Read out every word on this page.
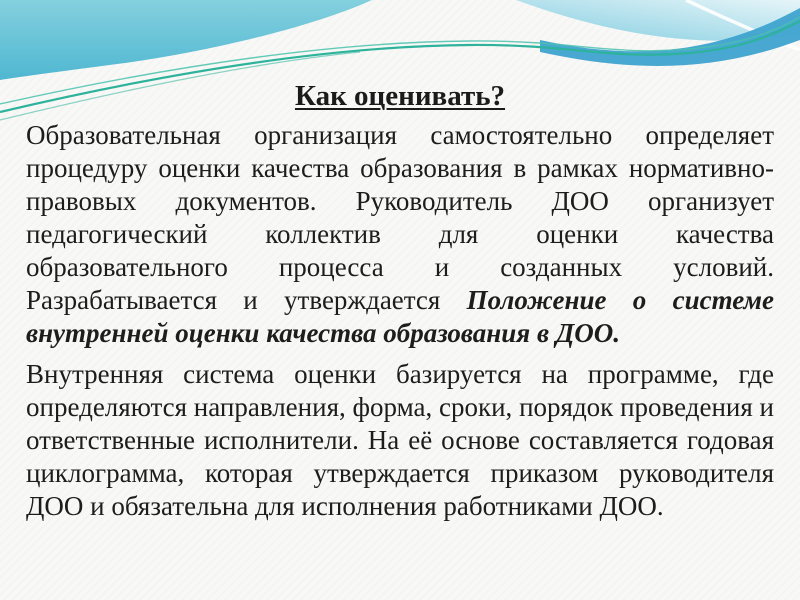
Как оценивать?

Образовательная организация самостоятельно определяет процедуру оценки качества образования в рамках нормативно-правовых документов. Руководитель ДОО организует педагогический коллектив для оценки качества образовательного процесса и созданных условий. Разрабатывается и утверждается Положение о системе внутренней оценки качества образования в ДОО.

Внутренняя система оценки базируется на программе, где определяются направления, форма, сроки, порядок проведения и ответственные исполнители. На её основе составляется годовая циклограмма, которая утверждается приказом руководителя ДОО и обязательна для исполнения работниками ДОО.
